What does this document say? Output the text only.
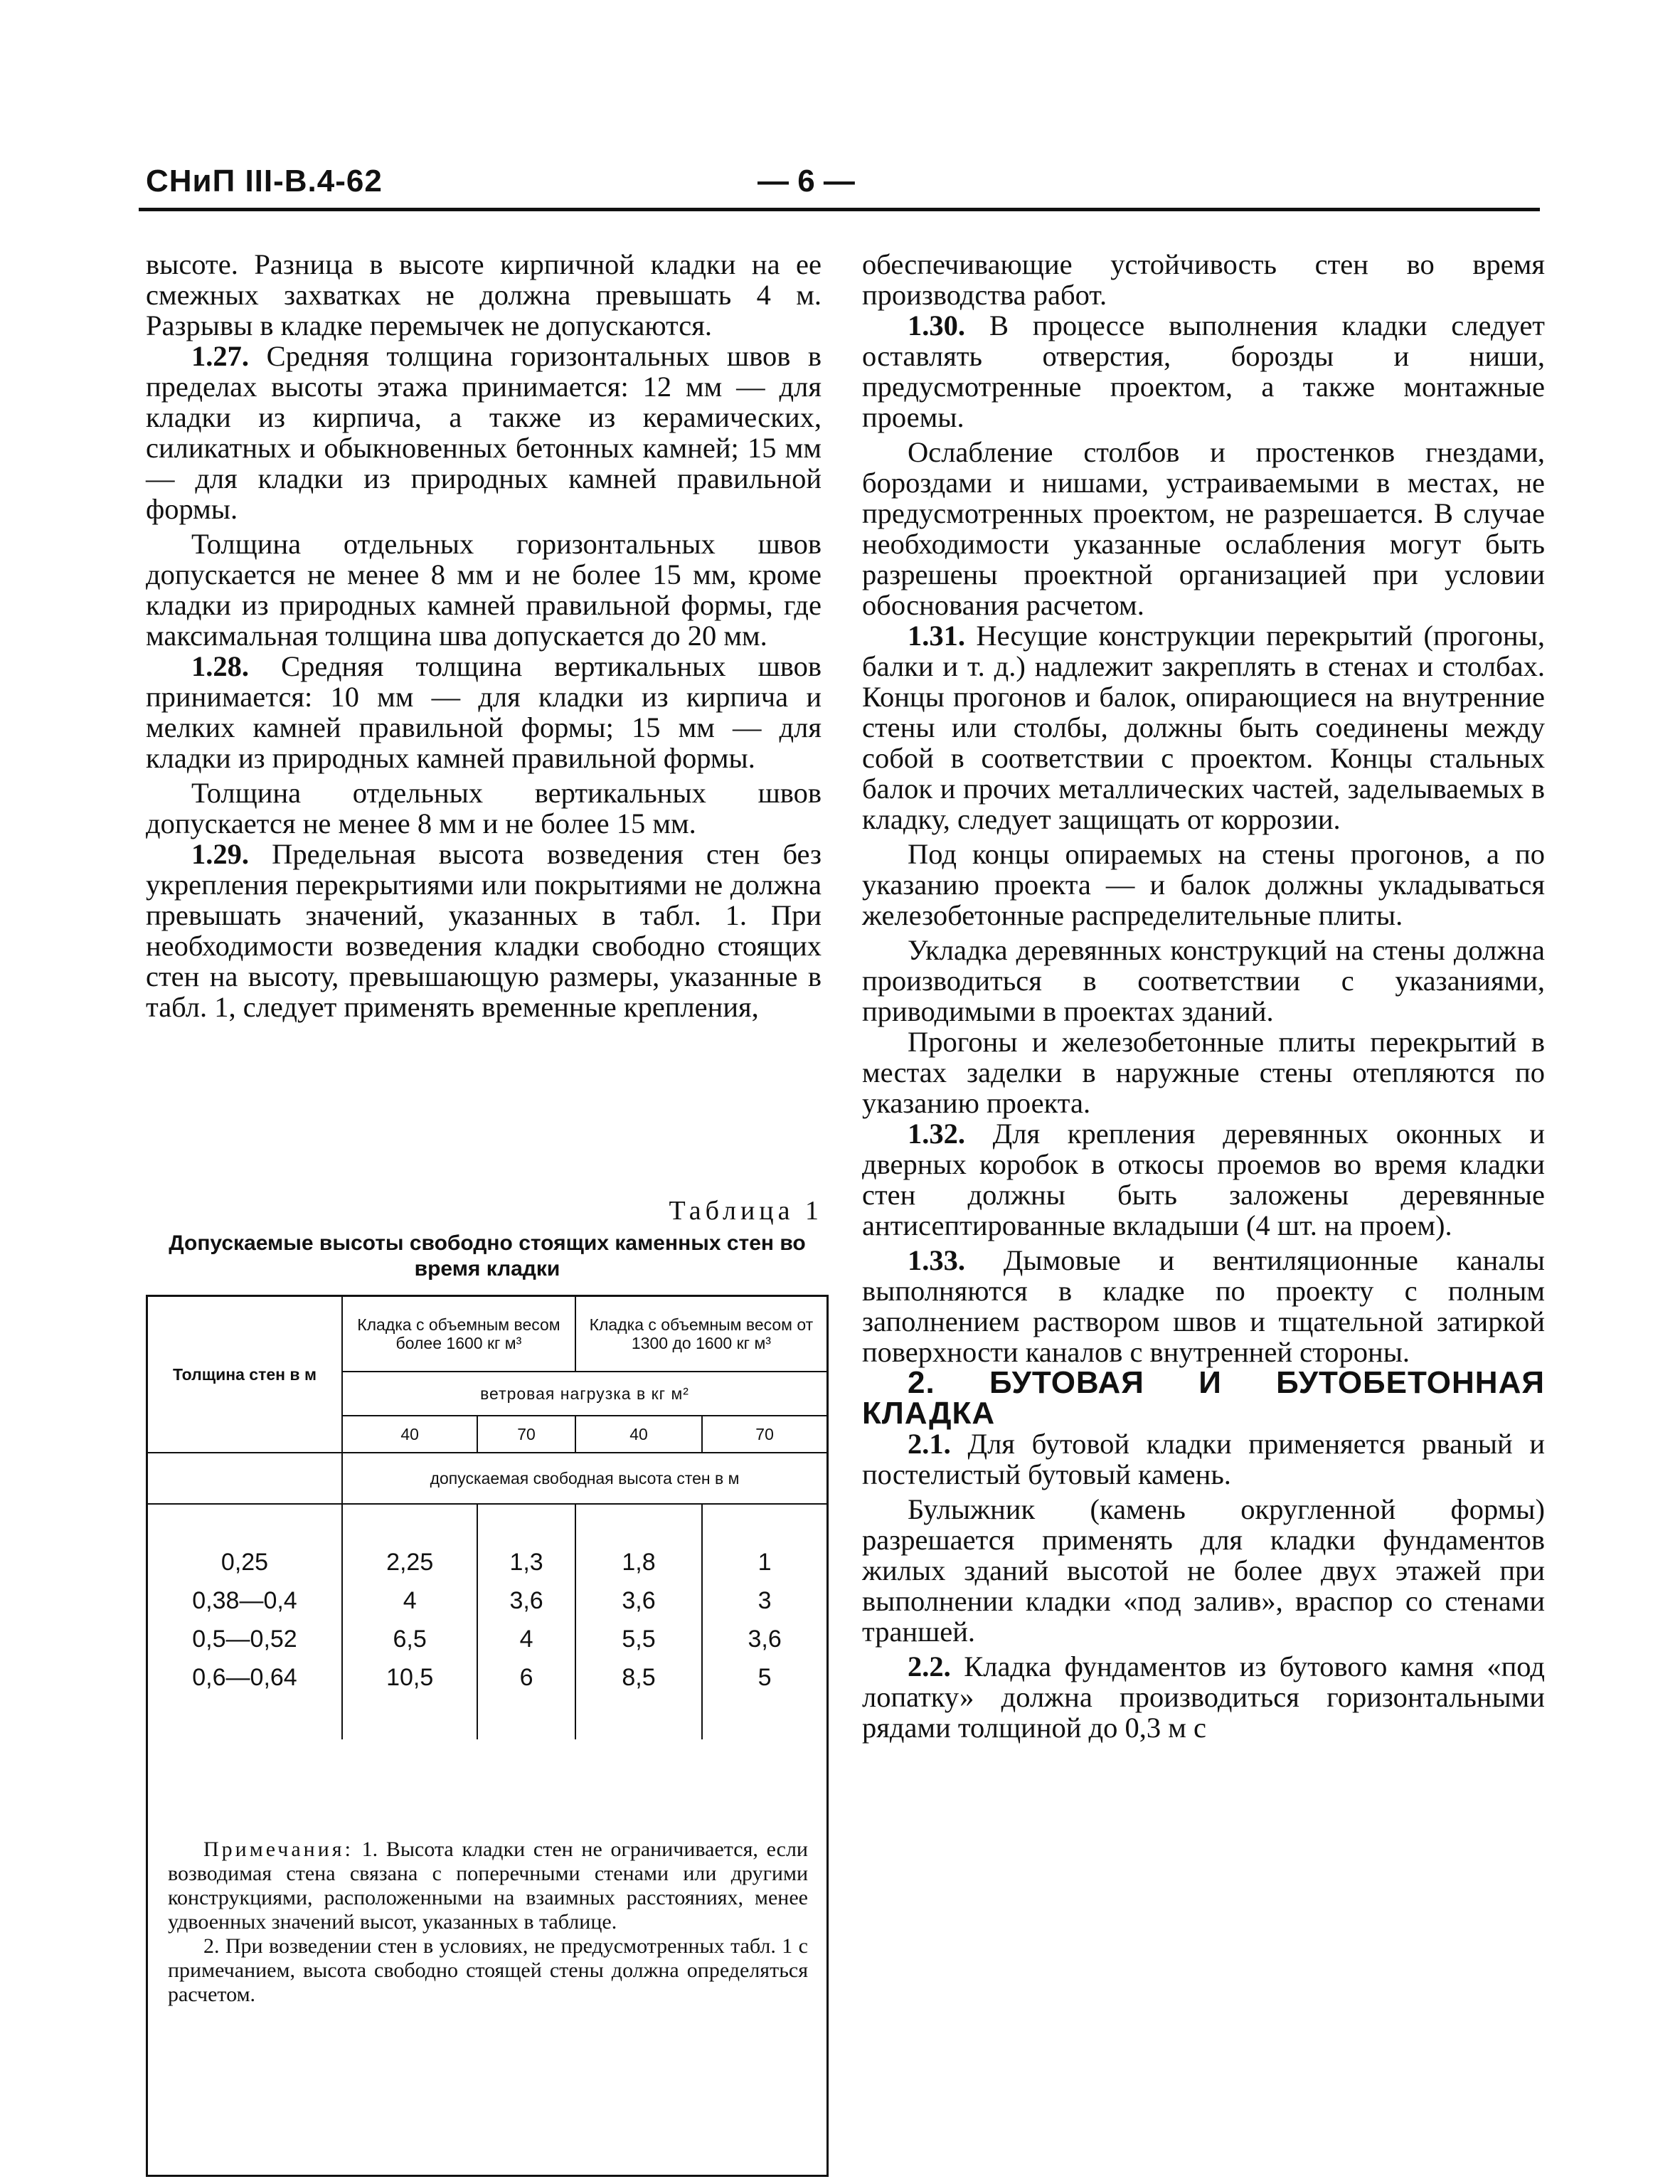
СНиП III-В.4-62	— 6 —

высоте. Разница в высоте кирпичной кладки на ее смежных захватках не должна превышать 4 м. Разрывы в кладке перемычек не допускаются.

1.27. Средняя толщина горизонтальных швов в пределах высоты этажа принимается: 12 мм — для кладки из кирпича, а также из керамических, силикатных и обыкновенных бетонных камней; 15 мм — для кладки из природных камней правильной формы.

Толщина отдельных горизонтальных швов допускается не менее 8 мм и не более 15 мм, кроме кладки из природных камней правильной формы, где максимальная толщина шва допускается до 20 мм.

1.28. Средняя толщина вертикальных швов принимается: 10 мм — для кладки из кирпича и мелких камней правильной формы; 15 мм — для кладки из природных камней правильной формы.

Толщина отдельных вертикальных швов допускается не менее 8 мм и не более 15 мм.

1.29. Предельная высота возведения стен без укрепления перекрытиями или покрытиями не должна превышать значений, указанных в табл. 1. При необходимости возведения кладки свободно стоящих стен на высоту, превышающую размеры, указанные в табл. 1, следует применять временные крепления,

Таблица 1
Допускаемые высоты свободно стоящих каменных стен во время кладки
Толщина стен в м	Кладка с объемным весом более 1600 кг м³		Кладка с объемным весом от 1300 до 1600 кг м³	
	ветровая нагрузка в кг м²			
	40	70	40	70
	допускаемая свободная высота стен в м			

0,25	2,25	1,3	1,8	1
0,38—0,4	4	3,6	3,6	3
0,5—0,52	6,5	4	5,5	3,6
0,6—0,64	10,5	6	8,5	5

Примечания: 1. Высота кладки стен не ограничивается, если возводимая стена связана с поперечными стенами или другими конструкциями, расположенными на взаимных расстояниях, менее удвоенных значений высот, указанных в таблице.

2. При возведении стен в условиях, не предусмотренных табл. 1 с примечанием, высота свободно стоящей стены должна определяться расчетом.

обеспечивающие устойчивость стен во время производства работ.

1.30. В процессе выполнения кладки следует оставлять отверстия, борозды и ниши, предусмотренные проектом, а также монтажные проемы.

Ослабление столбов и простенков гнездами, бороздами и нишами, устраиваемыми в местах, не предусмотренных проектом, не разрешается. В случае необходимости указанные ослабления могут быть разрешены проектной организацией при условии обоснования расчетом.

1.31. Несущие конструкции перекрытий (прогоны, балки и т. д.) надлежит закреплять в стенах и столбах. Концы прогонов и балок, опирающиеся на внутренние стены или столбы, должны быть соединены между собой в соответствии с проектом. Концы стальных балок и прочих металлических частей, заделываемых в кладку, следует защищать от коррозии.

Под концы опираемых на стены прогонов, а по указанию проекта — и балок должны укладываться железобетонные распределительные плиты.

Укладка деревянных конструкций на стены должна производиться в соответствии с указаниями, приводимыми в проектах зданий.

Прогоны и железобетонные плиты перекрытий в местах заделки в наружные стены отепляются по указанию проекта.

1.32. Для крепления деревянных оконных и дверных коробок в откосы проемов во время кладки стен должны быть заложены деревянные антисептированные вкладыши (4 шт. на проем).

1.33. Дымовые и вентиляционные каналы выполняются в кладке по проекту с полным заполнением раствором швов и тщательной затиркой поверхности каналов с внутренней стороны.

2. БУТОВАЯ И БУТОБЕТОННАЯ КЛАДКА

2.1. Для бутовой кладки применяется рваный и постелистый бутовый камень.

Булыжник (камень округленной формы) разрешается применять для кладки фундаментов жилых зданий высотой не более двух этажей при выполнении кладки «под залив», враспор со стенами траншей.

2.2. Кладка фундаментов из бутового камня «под лопатку» должна производиться горизонтальными рядами толщиной до 0,3 м с
